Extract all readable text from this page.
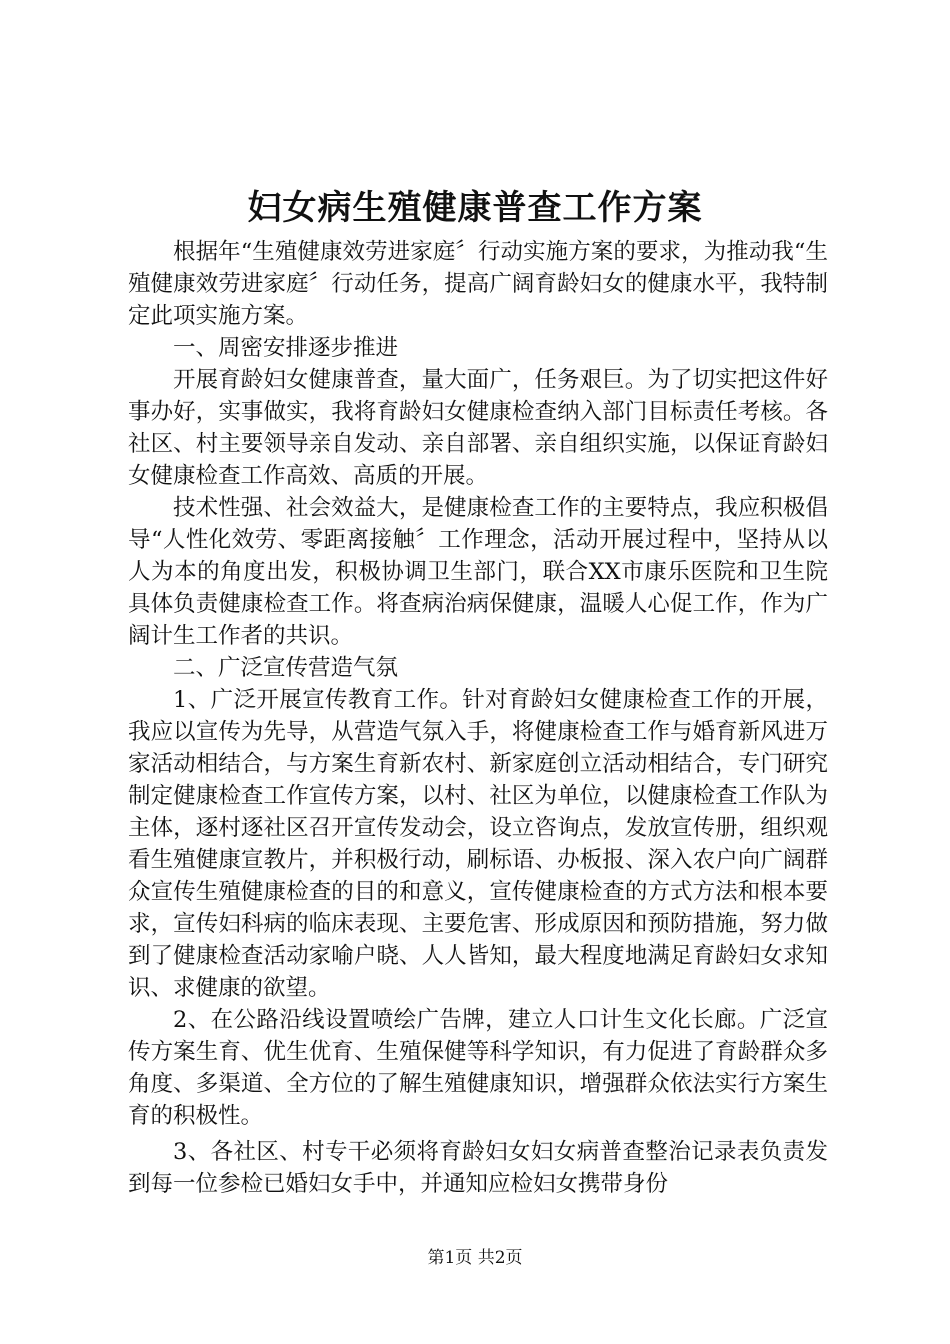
妇女病生殖健康普查工作方案

根据年“生殖健康效劳进家庭〞行动实施方案的要求，为推动我“生殖健康效劳进家庭〞行动任务，提高广阔育龄妇女的健康水平，我特制定此项实施方案。

一、周密安排逐步推进

开展育龄妇女健康普查，量大面广，任务艰巨。为了切实把这件好事办好，实事做实，我将育龄妇女健康检查纳入部门目标责任考核。各社区、村主要领导亲自发动、亲自部署、亲自组织实施，以保证育龄妇女健康检查工作高效、高质的开展。

技术性强、社会效益大，是健康检查工作的主要特点，我应积极倡导“人性化效劳、零距离接触〞工作理念，活动开展过程中，坚持从以人为本的角度出发，积极协调卫生部门，联合XX市康乐医院和卫生院具体负责健康检查工作。将查病治病保健康，温暖人心促工作，作为广阔计生工作者的共识。

二、广泛宣传营造气氛

1、广泛开展宣传教育工作。针对育龄妇女健康检查工作的开展，我应以宣传为先导，从营造气氛入手，将健康检查工作与婚育新风进万家活动相结合，与方案生育新农村、新家庭创立活动相结合，专门研究制定健康检查工作宣传方案，以村、社区为单位，以健康检查工作队为主体，逐村逐社区召开宣传发动会，设立咨询点，发放宣传册，组织观看生殖健康宣教片，并积极行动，刷标语、办板报、深入农户向广阔群众宣传生殖健康检查的目的和意义，宣传健康检查的方式方法和根本要求，宣传妇科病的临床表现、主要危害、形成原因和预防措施，努力做到了健康检查活动家喻户晓、人人皆知，最大程度地满足育龄妇女求知识、求健康的欲望。

2、在公路沿线设置喷绘广告牌，建立人口计生文化长廊。广泛宣传方案生育、优生优育、生殖保健等科学知识，有力促进了育龄群众多角度、多渠道、全方位的了解生殖健康知识，增强群众依法实行方案生育的积极性。

3、各社区、村专干必须将育龄妇女妇女病普查整治记录表负责发到每一位参检已婚妇女手中，并通知应检妇女携带身份

第1页 共2页
